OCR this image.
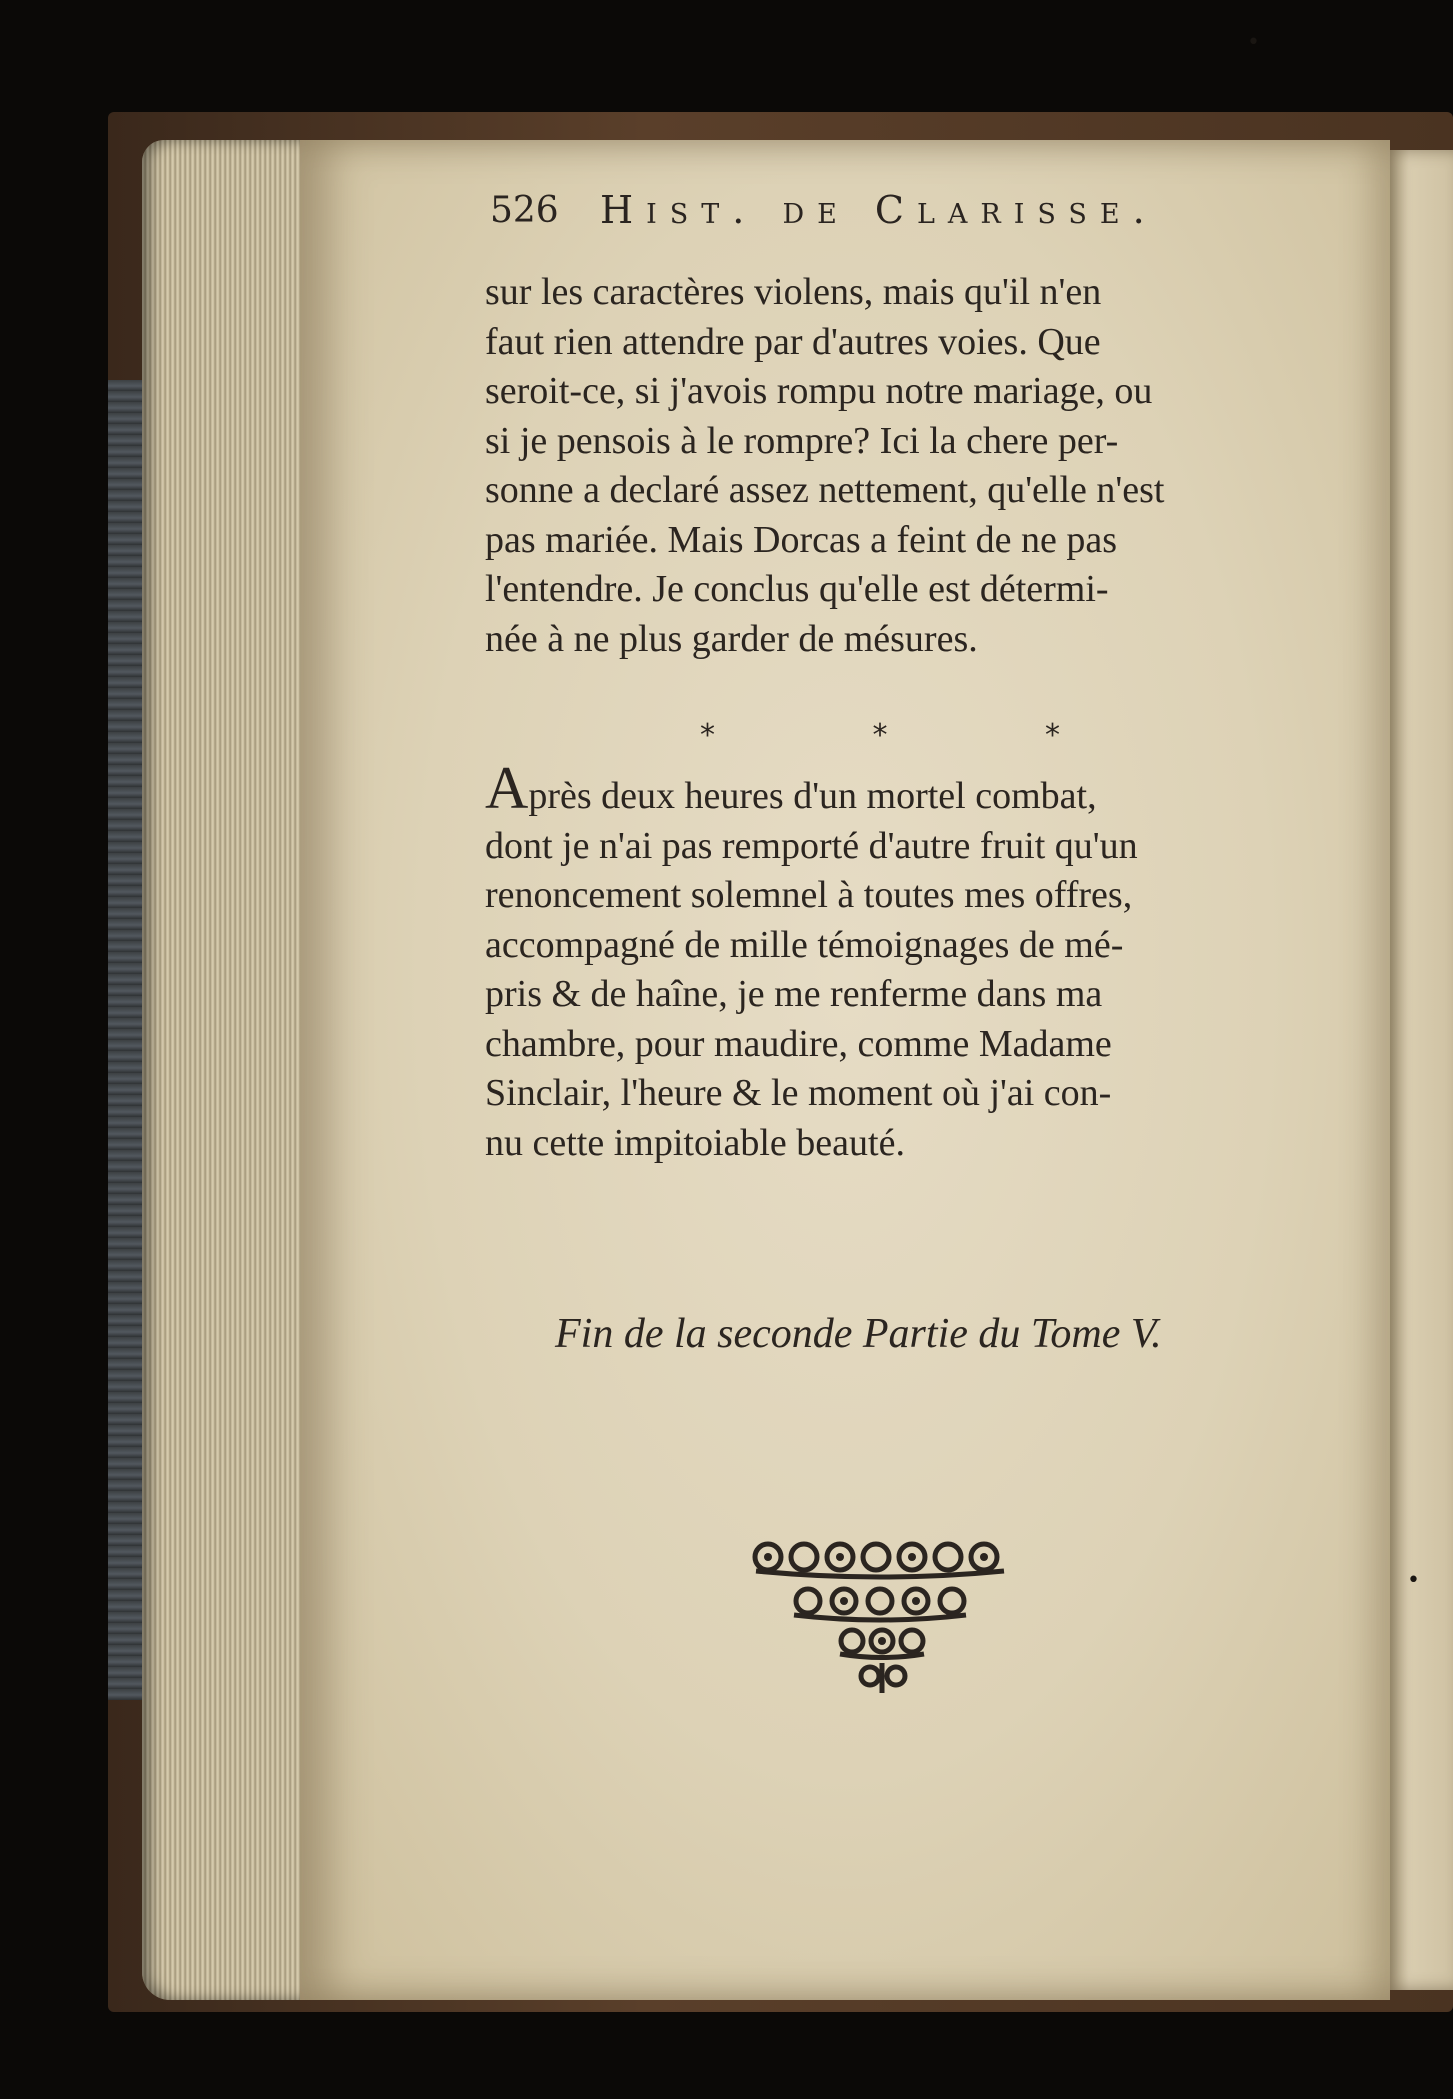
526 Hist. de Clarisse.
sur les caractères violens, mais qu'il n'en
faut rien attendre par d'autres voies. Que
seroit-ce, si j'avois rompu notre mariage, ou
si je pensois à le rompre? Ici la chere per-
sonne a declaré assez nettement, qu'elle n'est
pas mariée. Mais Dorcas a feint de ne pas
l'entendre. Je conclus qu'elle est détermi-
née à ne plus garder de mésures.
*	*	*
Après deux heures d'un mortel combat,
dont je n'ai pas remporté d'autre fruit qu'un
renoncement solemnel à toutes mes offres,
accompagné de mille témoignages de mé-
pris & de haîne, je me renferme dans ma
chambre, pour maudire, comme Madame
Sinclair, l'heure & le moment où j'ai con-
nu cette impitoiable beauté.
Fin de la seconde Partie du Tome V.
•
•
